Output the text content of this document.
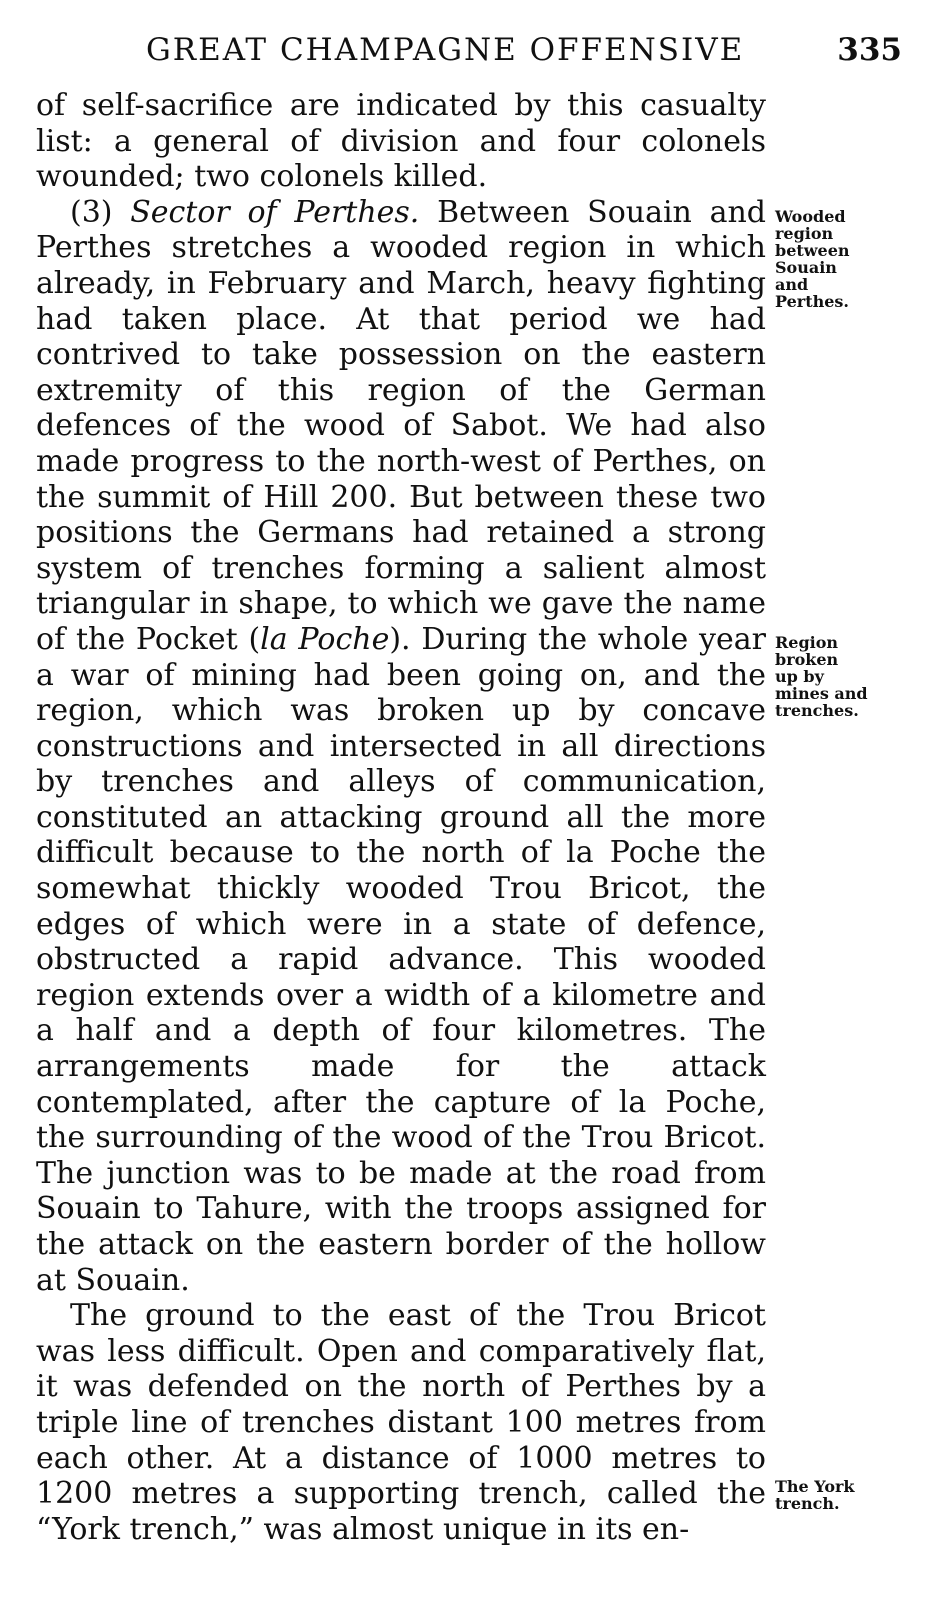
GREAT CHAMPAGNE OFFENSIVE	335

of self-sacrifice are indicated by this casualty list: a general of division and four colonels wounded; two colonels killed.

(3) Sector of Perthes. Between Souain and Perthes stretches a wooded region in which already, in February and March, heavy fighting had taken place. At that period we had contrived to take possession on the eastern extremity of this region of the German defences of the wood of Sabot. We had also made progress to the north-west of Perthes, on the summit of Hill 200. But between these two positions the Germans had retained a strong system of trenches forming a salient almost triangular in shape, to which we gave the name of the Pocket (la Poche). During the whole year a war of mining had been going on, and the region, which was broken up by concave constructions and intersected in all directions by trenches and alleys of communication, constituted an attacking ground all the more difficult because to the north of la Poche the somewhat thickly wooded Trou Bricot, the edges of which were in a state of defence, obstructed a rapid advance. This wooded region extends over a width of a kilometre and a half and a depth of four kilometres. The arrangements made for the attack contemplated, after the capture of la Poche, the surrounding of the wood of the Trou Bricot. The junction was to be made at the road from Souain to Tahure, with the troops assigned for the attack on the eastern border of the hollow at Souain.

The ground to the east of the Trou Bricot was less difficult. Open and comparatively flat, it was defended on the north of Perthes by a triple line of trenches distant 100 metres from each other. At a distance of 1000 metres to 1200 metres a supporting trench, called the “York trench,” was almost unique in its en-

Wooded
region
between
Souain
and
Perthes.
Region
broken
up by
mines and
trenches.
The York
trench.
